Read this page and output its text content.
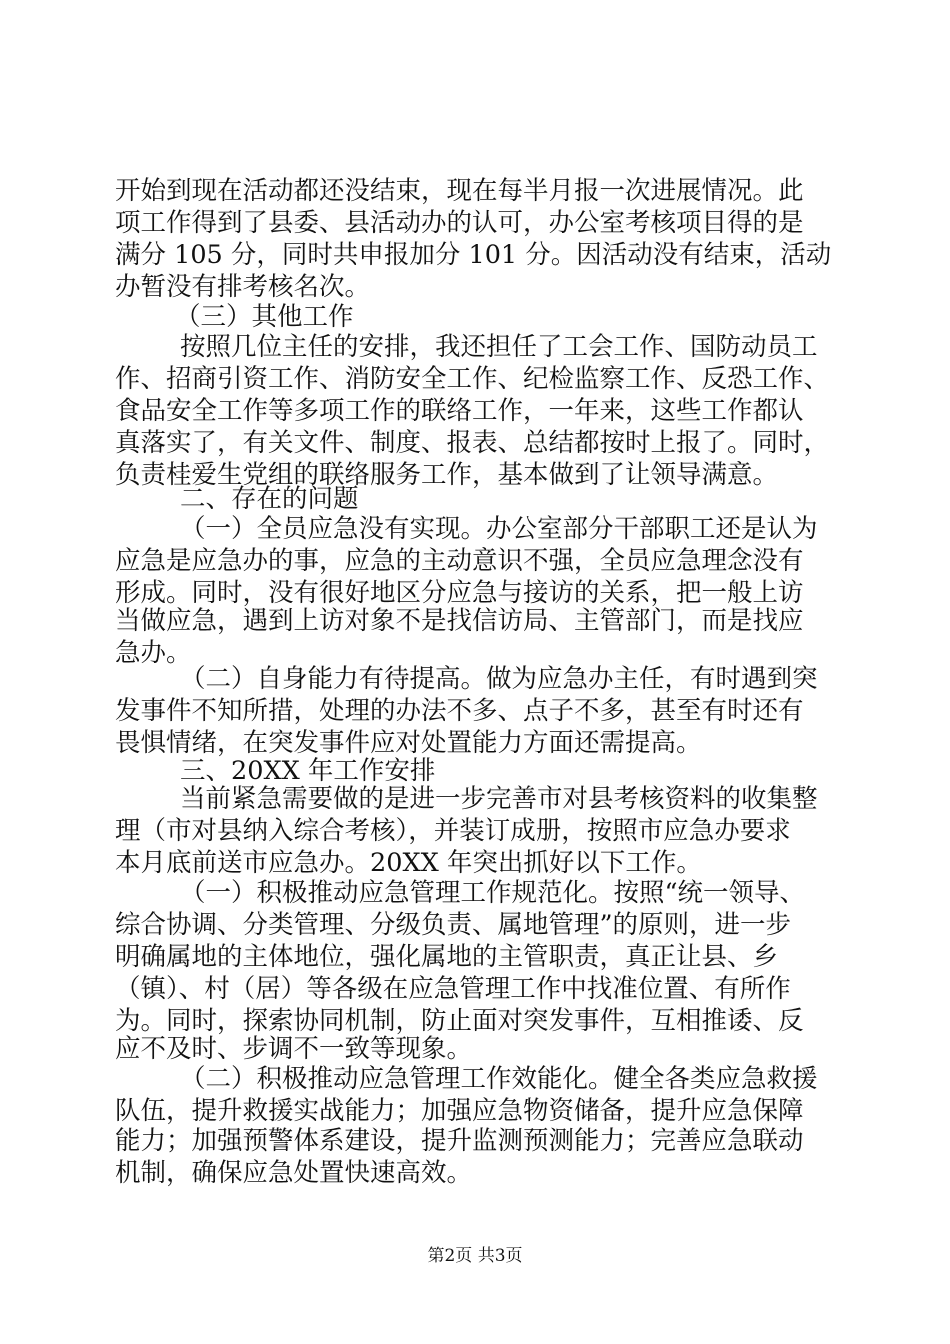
开始到现在活动都还没结束，现在每半月报一次进展情况。此
项工作得到了县委、县活动办的认可，办公室考核项目得的是
满分 105 分，同时共申报加分 101 分。因活动没有结束，活动
办暂没有排考核名次。
（三）其他工作
按照几位主任的安排，我还担任了工会工作、国防动员工
作、招商引资工作、消防安全工作、纪检监察工作、反恐工作、
食品安全工作等多项工作的联络工作，一年来，这些工作都认
真落实了，有关文件、制度、报表、总结都按时上报了。同时，
负责桂爱生党组的联络服务工作，基本做到了让领导满意。
二、存在的问题
（一）全员应急没有实现。办公室部分干部职工还是认为
应急是应急办的事，应急的主动意识不强，全员应急理念没有
形成。同时，没有很好地区分应急与接访的关系，把一般上访
当做应急，遇到上访对象不是找信访局、主管部门，而是找应
急办。
（二）自身能力有待提高。做为应急办主任，有时遇到突
发事件不知所措，处理的办法不多、点子不多，甚至有时还有
畏惧情绪，在突发事件应对处置能力方面还需提高。
三、20XX 年工作安排
当前紧急需要做的是进一步完善市对县考核资料的收集整
理（市对县纳入综合考核），并装订成册，按照市应急办要求
本月底前送市应急办。20XX 年突出抓好以下工作。
（一）积极推动应急管理工作规范化。按照“统一领导、
综合协调、分类管理、分级负责、属地管理”的原则，进一步
明确属地的主体地位，强化属地的主管职责，真正让县、乡
（镇）、村（居）等各级在应急管理工作中找准位置、有所作
为。同时，探索协同机制，防止面对突发事件，互相推诿、反
应不及时、步调不一致等现象。
（二）积极推动应急管理工作效能化。健全各类应急救援
队伍，提升救援实战能力；加强应急物资储备，提升应急保障
能力；加强预警体系建设，提升监测预测能力；完善应急联动
机制，确保应急处置快速高效。
第2页 共3页
